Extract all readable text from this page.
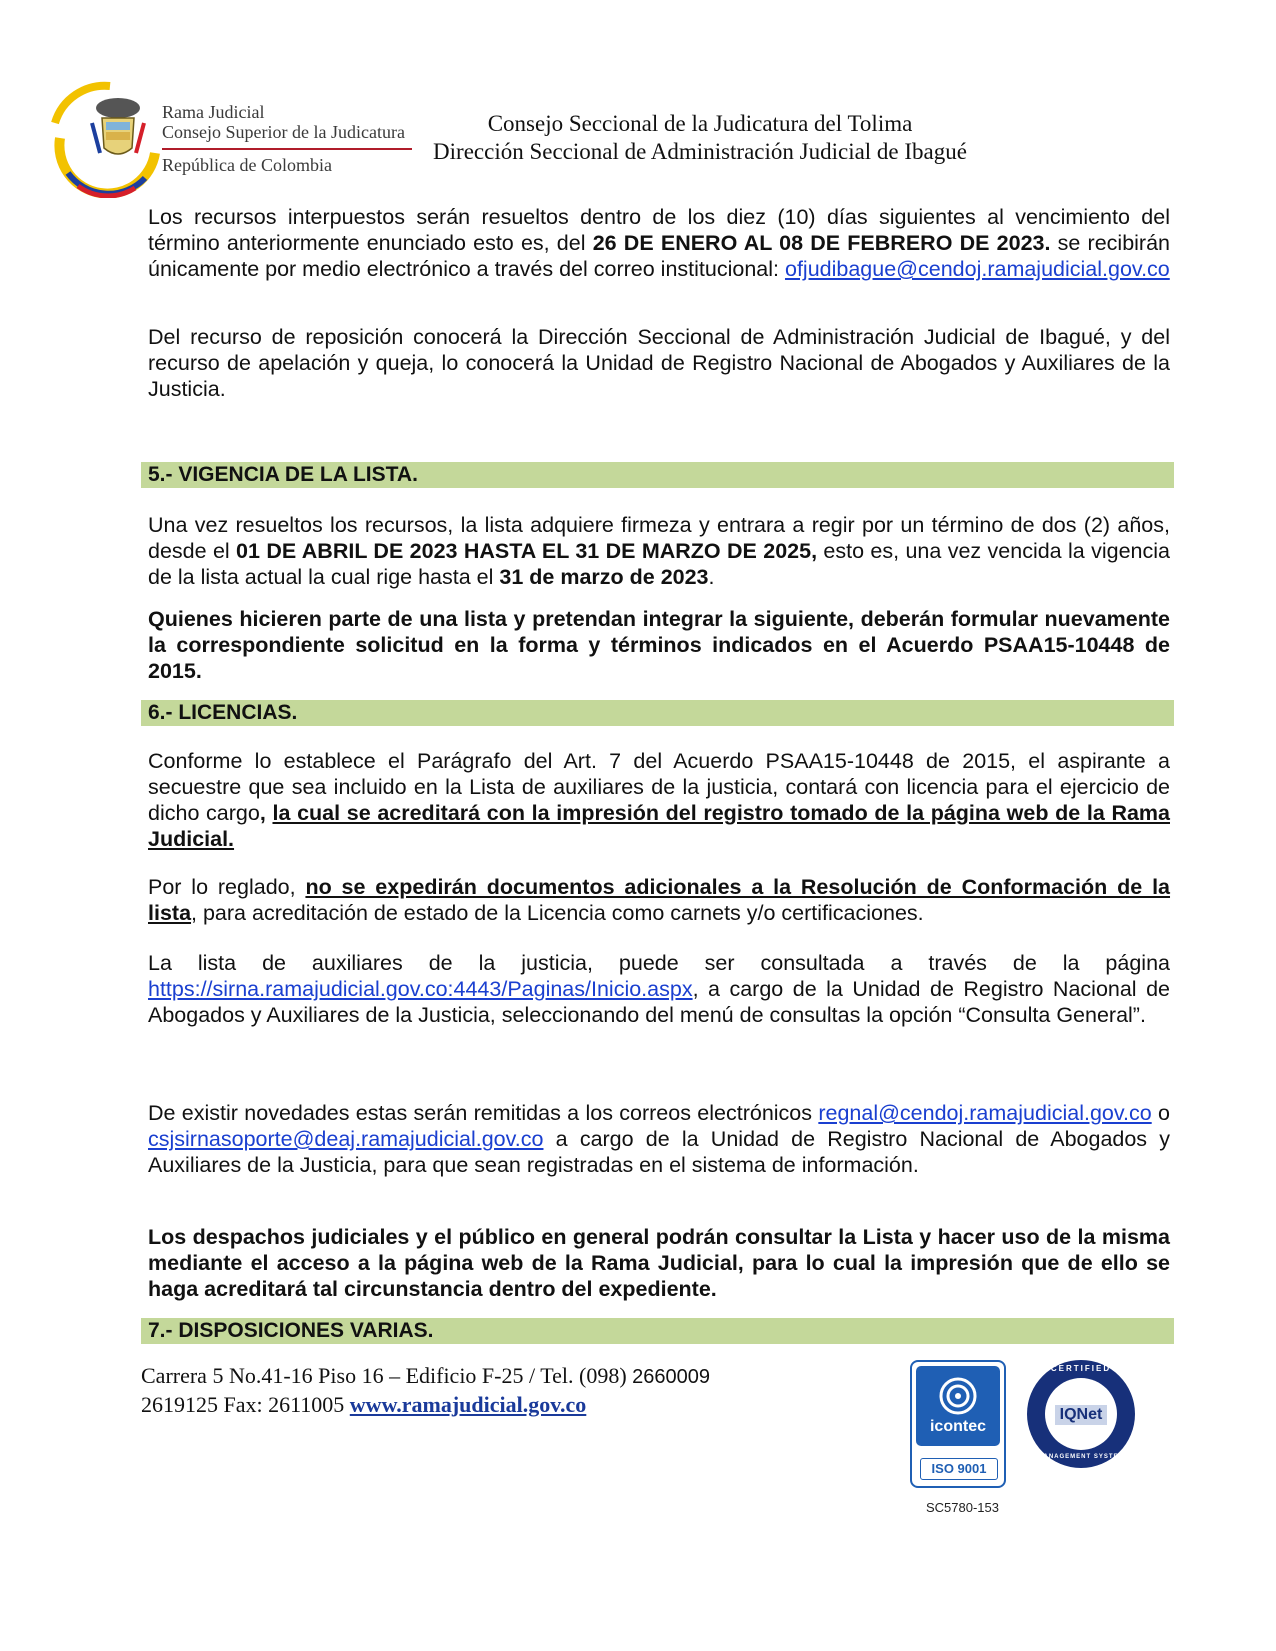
Rama Judicial
Consejo Superior de la Judicatura
República de Colombia
Consejo Seccional de la Judicatura del Tolima
Dirección Seccional de Administración Judicial de Ibagué
Los recursos interpuestos serán resueltos dentro de los diez (10) días siguientes al vencimiento del término anteriormente enunciado esto es, del 26 DE ENERO AL 08 DE FEBRERO DE 2023. se recibirán únicamente por medio electrónico a través del correo institucional: ofjudibague@cendoj.ramajudicial.gov.co
Del recurso de reposición conocerá la Dirección Seccional de Administración Judicial de Ibagué, y del recurso de apelación y queja, lo conocerá la Unidad de Registro Nacional de Abogados y Auxiliares de la Justicia.
5.- VIGENCIA DE LA LISTA.
Una vez resueltos los recursos, la lista adquiere firmeza y entrara a regir por un término de dos (2) años, desde el 01 DE ABRIL DE 2023 HASTA EL 31 DE MARZO DE 2025, esto es, una vez vencida la vigencia de la lista actual la cual rige hasta el 31 de marzo de 2023.
Quienes hicieren parte de una lista y pretendan integrar la siguiente, deberán formular nuevamente la correspondiente solicitud en la forma y términos indicados en el Acuerdo PSAA15-10448 de 2015.
6.- LICENCIAS.
Conforme lo establece el Parágrafo del Art. 7 del Acuerdo PSAA15-10448 de 2015, el aspirante a secuestre que sea incluido en la Lista de auxiliares de la justicia, contará con licencia para el ejercicio de dicho cargo, la cual se acreditará con la impresión del registro tomado de la página web de la Rama Judicial.
Por lo reglado, no se expedirán documentos adicionales a la Resolución de Conformación de la lista, para acreditación de estado de la Licencia como carnets y/o certificaciones.
La lista de auxiliares de la justicia, puede ser consultada a través de la página https://sirna.ramajudicial.gov.co:4443/Paginas/Inicio.aspx, a cargo de la Unidad de Registro Nacional de Abogados y Auxiliares de la Justicia, seleccionando del menú de consultas la opción “Consulta General”.
De existir novedades estas serán remitidas a los correos electrónicos regnal@cendoj.ramajudicial.gov.co o csjsirnasoporte@deaj.ramajudicial.gov.co a cargo de la Unidad de Registro Nacional de Abogados y Auxiliares de la Justicia, para que sean registradas en el sistema de información.
Los despachos judiciales y el público en general podrán consultar la Lista y hacer uso de la misma mediante el acceso a la página web de la Rama Judicial, para lo cual la impresión que de ello se haga acreditará tal circunstancia dentro del expediente.
7.- DISPOSICIONES VARIAS.
Carrera 5 No.41-16 Piso 16 – Edificio F-25 / Tel. (098) 2660009
2619125 Fax: 2611005 www.ramajudicial.gov.co
icontec
ISO 9001
CERTIFIED
IQNet
MANAGEMENT SYSTEM
SC5780-153
